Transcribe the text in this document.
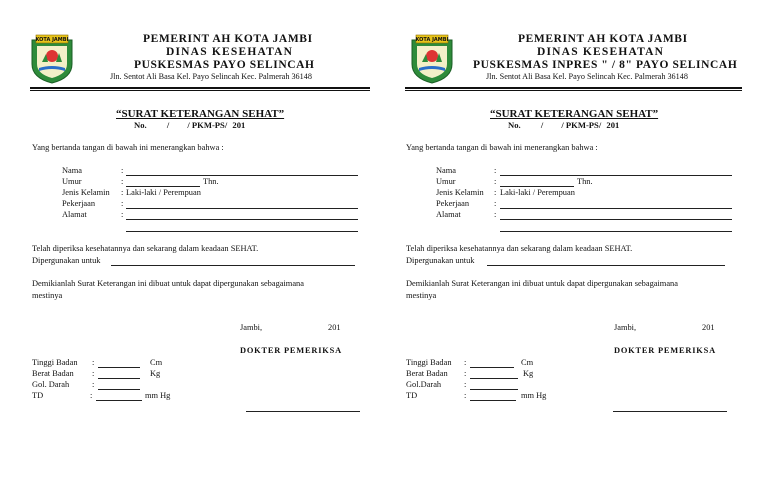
KOTA JAMBI	PEMERINT AH KOTA JAMBI
DINAS KESEHATAN
PUSKESMAS PAYO SELINCAH
Jln. Sentot Ali Basa Kel. Payo Selincah Kec. Palmerah 36148
“SURAT KETERANGAN SEHAT”
No. / / PKM-PS/ 201
Yang bertanda tangan di bawah ini menerangkan bahwa :
Nama	:
Umur	:	Thn.
Jenis Kelamin : Laki-laki / Perempuan
Pekerjaan	:
Alamat	:
Telah diperiksa kesehatannya dan sekarang dalam keadaan SEHAT.
Dipergunakan untuk
Demikianlah Surat Keterangan ini dibuat untuk dapat dipergunakan sebagaimana
mestinya
Jambi,	201
DOKTER PEMERIKSA
Tinggi Badan :	Cm
Berat Badan :	Kg
Gol. Darah	:
TD	:	mm Hg
KOTA JAMBI	PEMERINT AH KOTA JAMBI
DINAS KESEHATAN
PUSKESMAS INPRES " / 8" PAYO SELINCAH
Jln. Sentot Ali Basa Kel. Payo Selincah Kec. Palmerah 36148
“SURAT KETERANGAN SEHAT”
No. / / PKM-PS/ 201
Yang bertanda tangan di bawah ini menerangkan bahwa :
Nama	:
Umur	:	Thn.
Jenis Kelamin : Laki-laki / Perempuan
Pekerjaan	:
Alamat	:
Telah diperiksa kesehatannya dan sekarang dalam keadaan SEHAT.
Dipergunakan untuk
Demikianlah Surat Keterangan ini dibuat untuk dapat dipergunakan sebagaimana
mestinya
Jambi,	201
DOKTER PEMERIKSA
Tinggi Badan :	Cm
Berat Badan :	Kg
Gol.Darah	:
TD	:	mm Hg
